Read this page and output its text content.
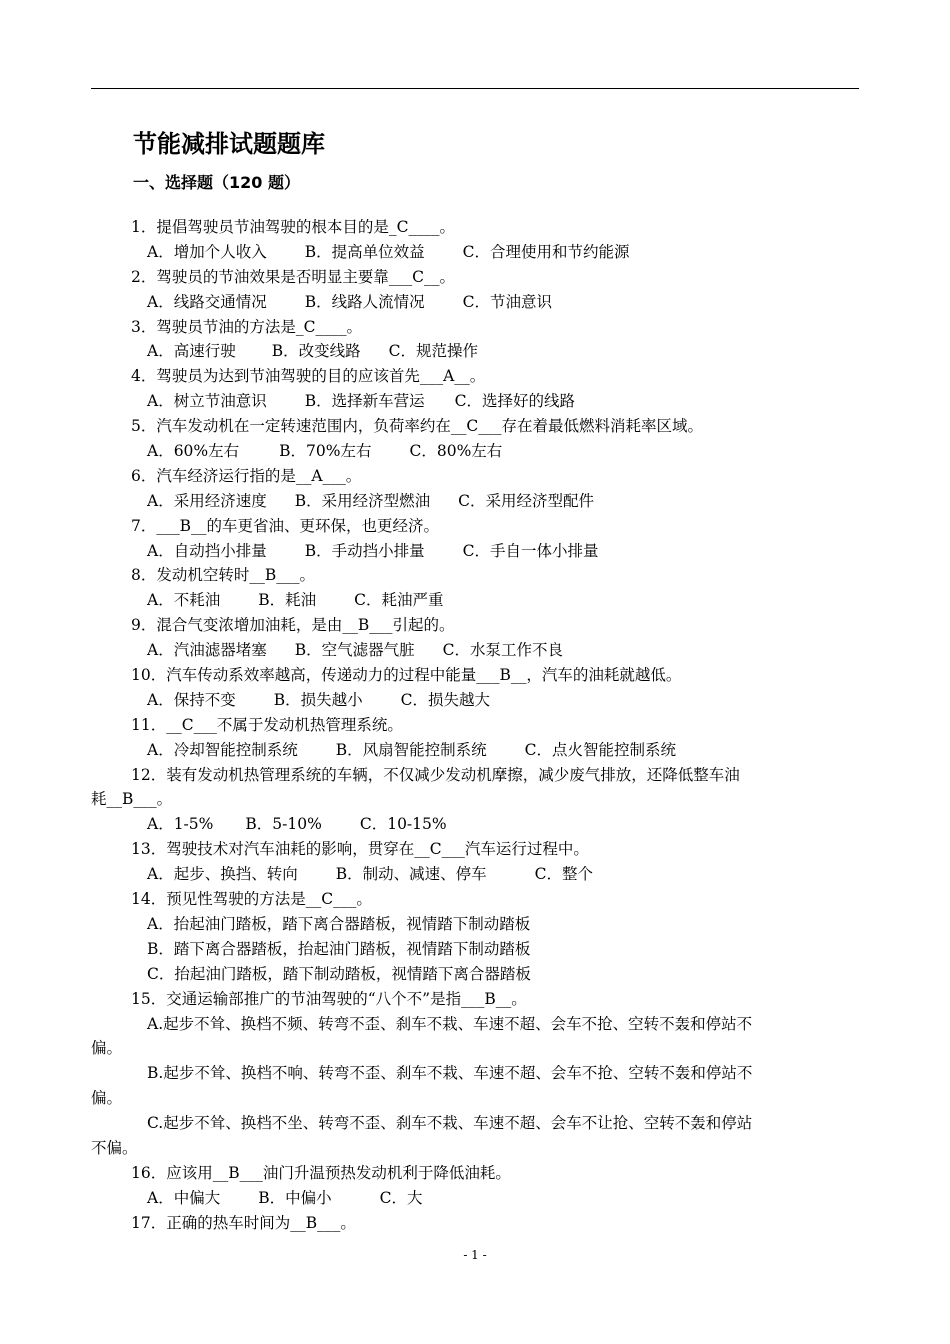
节能减排试题题库
一、选择题（120 题）
1．提倡驾驶员节油驾驶的根本目的是_C____。
A．增加个人收入 B．提高单位效益 C．合理使用和节约能源
2．驾驶员的节油效果是否明显主要靠___C__。
A．线路交通情况 B．线路人流情况 C．节油意识
3．驾驶员节油的方法是_C____。
A．高速行驶 B．改变线路 C．规范操作
4．驾驶员为达到节油驾驶的目的应该首先___A__。
A．树立节油意识 B．选择新车营运 C．选择好的线路
5．汽车发动机在一定转速范围内，负荷率约在__C___存在着最低燃料消耗率区域。
A．60%左右	B．70%左右 C．80%左右
6．汽车经济运行指的是__A___。
A．采用经济速度 B．采用经济型燃油 C．采用经济型配件
7．___B__的车更省油、更环保，也更经济。
A．自动挡小排量 B．手动挡小排量 C．手自一体小排量
8．发动机空转时__B___。
A．不耗油 B．耗油 C．耗油严重
9．混合气变浓增加油耗，是由__B___引起的。
A．汽油滤器堵塞 B．空气滤器气脏 C．水泵工作不良
10．汽车传动系效率越高，传递动力的过程中能量___B__，汽车的油耗就越低。
A．保持不变 B．损失越小 C．损失越大
11．__C___不属于发动机热管理系统。
A．冷却智能控制系统 B．风扇智能控制系统 C．点火智能控制系统
12．装有发动机热管理系统的车辆，不仅减少发动机摩擦，减少废气排放，还降低整车油
耗__B___。
A．1-5% B．5-10% C．10-15%
13．驾驶技术对汽车油耗的影响，贯穿在__C___汽车运行过程中。
A．起步、换挡、转向 B．制动、减速、停车	C．整个
14．预见性驾驶的方法是__C___。
A．抬起油门踏板，踏下离合器踏板，视情踏下制动踏板
B．踏下离合器踏板，抬起油门踏板，视情踏下制动踏板
C．抬起油门踏板，踏下制动踏板，视情踏下离合器踏板
15．交通运输部推广的节油驾驶的“八个不”是指___B__。
A.起步不耸、换档不频、转弯不歪、刹车不栽、车速不超、会车不抢、空转不轰和停站不
偏。
B.起步不耸、换档不响、转弯不歪、刹车不栽、车速不超、会车不抢、空转不轰和停站不
偏。
C.起步不耸、换档不坐、转弯不歪、刹车不栽、车速不超、会车不让抢、空转不轰和停站
不偏。
16．应该用__B___油门升温预热发动机利于降低油耗。
A．中偏大 B．中偏小	C．大
17．正确的热车时间为__B___。
- 1 -
